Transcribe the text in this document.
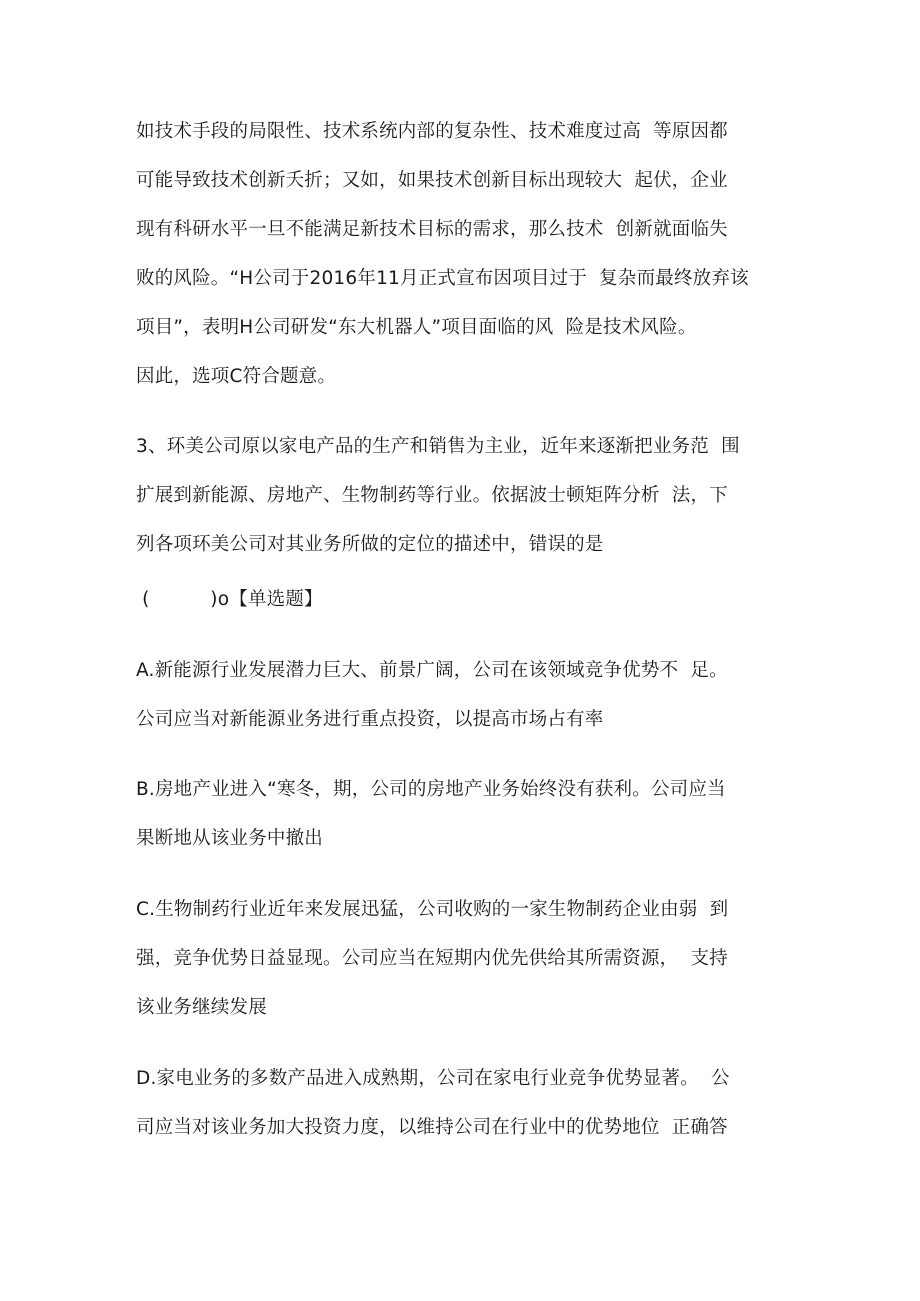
如技术手段的局限性、技术系统内部的复杂性、技术难度过高  等原因都
可能导致技术创新夭折；又如，如果技术创新目标出现较大  起伏，企业
现有科研水平一旦不能满足新技术目标的需求，那么技术  创新就面临失
败的风险。“H公司于2016年11月正式宣布因项目过于  复杂而最终放弃该
项目”，表明H公司研发“东大机器人”项目面临的风  险是技术风险。
因此，选项C符合题意。
3、环美公司原以家电产品的生产和销售为主业，近年来逐渐把业务范  围
扩展到新能源、房地产、生物制药等行业。依据波士顿矩阵分析  法，下
列各项环美公司对其业务所做的定位的描述中，错误的是
(          )o【单选题】
A.新能源行业发展潜力巨大、前景广阔，公司在该领域竞争优势不  足。
公司应当对新能源业务进行重点投资，以提高市场占有率
B.房地产业进入“寒冬，期，公司的房地产业务始终没有获利。公司应当
果断地从该业务中撤出
C.生物制药行业近年来发展迅猛，公司收购的一家生物制药企业由弱  到
强，竞争优势日益显现。公司应当在短期内优先供给其所需资源，  支持
该业务继续发展
D.家电业务的多数产品进入成熟期，公司在家电行业竞争优势显著。  公
司应当对该业务加大投资力度，以维持公司在行业中的优势地位  正确答
